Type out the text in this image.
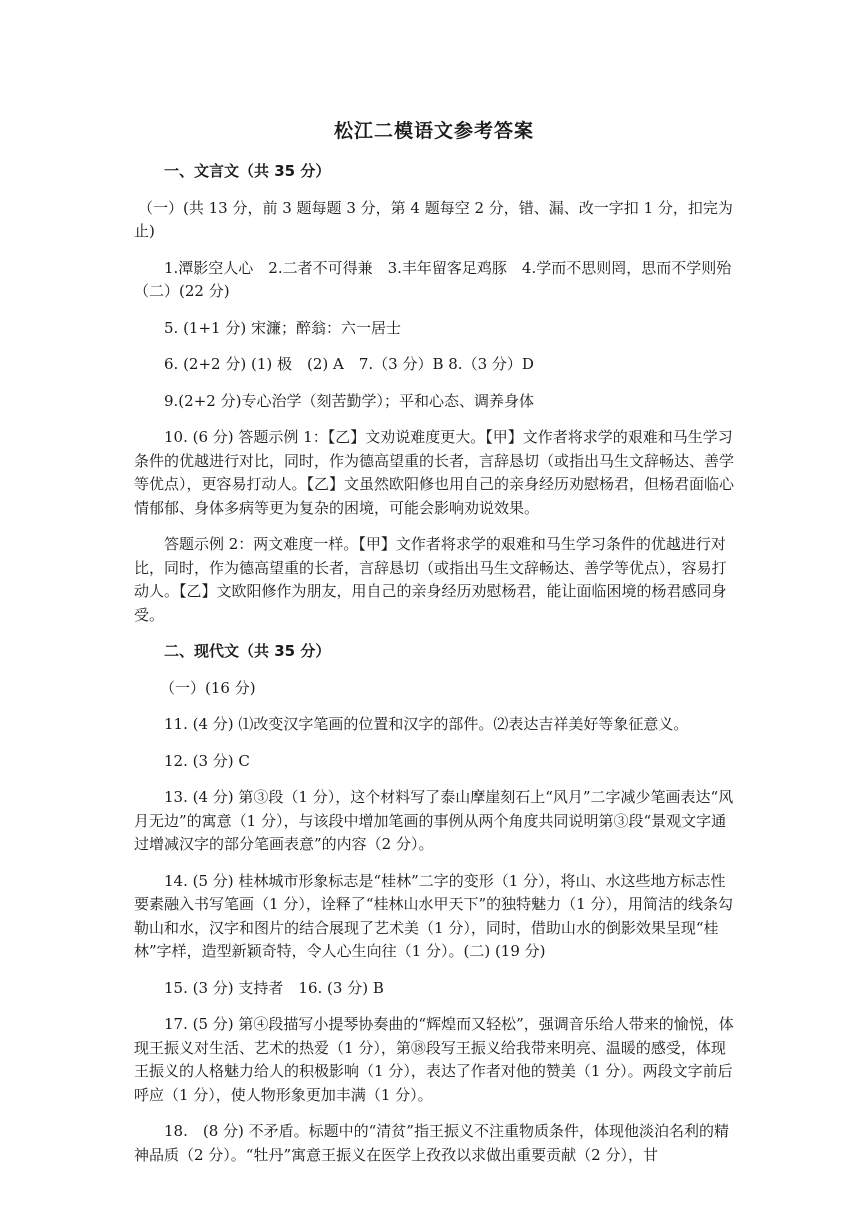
松江二模语文参考答案

一、文言文（共 35 分）

（一）(共 13 分，前 3 题每题 3 分，第 4 题每空 2 分，错、漏、改一字扣 1 分，扣完为止)

1.潭影空人心　2.二者不可得兼　3.丰年留客足鸡豚　4.学而不思则罔，思而不学则殆（二）(22 分)

5. (1+1 分) 宋濂；醉翁：六一居士

6. (2+2 分) (1) 极　(2) A　7.（3 分）B 8.（3 分）D

9.(2+2 分)专心治学（刻苦勤学）；平和心态、调养身体

10. (6 分) 答题示例 1：【乙】文劝说难度更大。【甲】文作者将求学的艰难和马生学习条件的优越进行对比，同时，作为德高望重的长者，言辞恳切（或指出马生文辞畅达、善学等优点），更容易打动人。【乙】文虽然欧阳修也用自己的亲身经历劝慰杨君，但杨君面临心情郁郁、身体多病等更为复杂的困境，可能会影响劝说效果。

答题示例 2：两文难度一样。【甲】文作者将求学的艰难和马生学习条件的优越进行对比，同时，作为德高望重的长者，言辞恳切（或指出马生文辞畅达、善学等优点），容易打动人。【乙】文欧阳修作为朋友，用自己的亲身经历劝慰杨君，能让面临困境的杨君感同身受。

二、现代文（共 35 分）

（一）(16 分)

11. (4 分) ⑴改变汉字笔画的位置和汉字的部件。⑵表达吉祥美好等象征意义。

12. (3 分) C

13. (4 分) 第③段（1 分），这个材料写了泰山摩崖刻石上“风月”二字减少笔画表达“风月无边”的寓意（1 分），与该段中增加笔画的事例从两个角度共同说明第③段“景观文字通过增减汉字的部分笔画表意”的内容（2 分）。

14. (5 分) 桂林城市形象标志是“桂林”二字的变形（1 分），将山、水这些地方标志性要素融入书写笔画（1 分），诠释了“桂林山水甲天下”的独特魅力（1 分），用简洁的线条勾勒山和水，汉字和图片的结合展现了艺术美（1 分），同时，借助山水的倒影效果呈现“桂林”字样，造型新颖奇特，令人心生向往（1 分）。(二) (19 分)

15. (3 分) 支持者　16. (3 分) B

17. (5 分) 第④段描写小提琴协奏曲的“辉煌而又轻松”，强调音乐给人带来的愉悦，体现王振义对生活、艺术的热爱（1 分），第⑱段写王振义给我带来明亮、温暖的感受，体现王振义的人格魅力给人的积极影响（1 分），表达了作者对他的赞美（1 分）。两段文字前后呼应（1 分），使人物形象更加丰满（1 分）。

18.　(8 分) 不矛盾。标题中的“清贫”指王振义不注重物质条件，体现他淡泊名利的精神品质（2 分）。“牡丹”寓意王振义在医学上孜孜以求做出重要贡献（2 分），甘
